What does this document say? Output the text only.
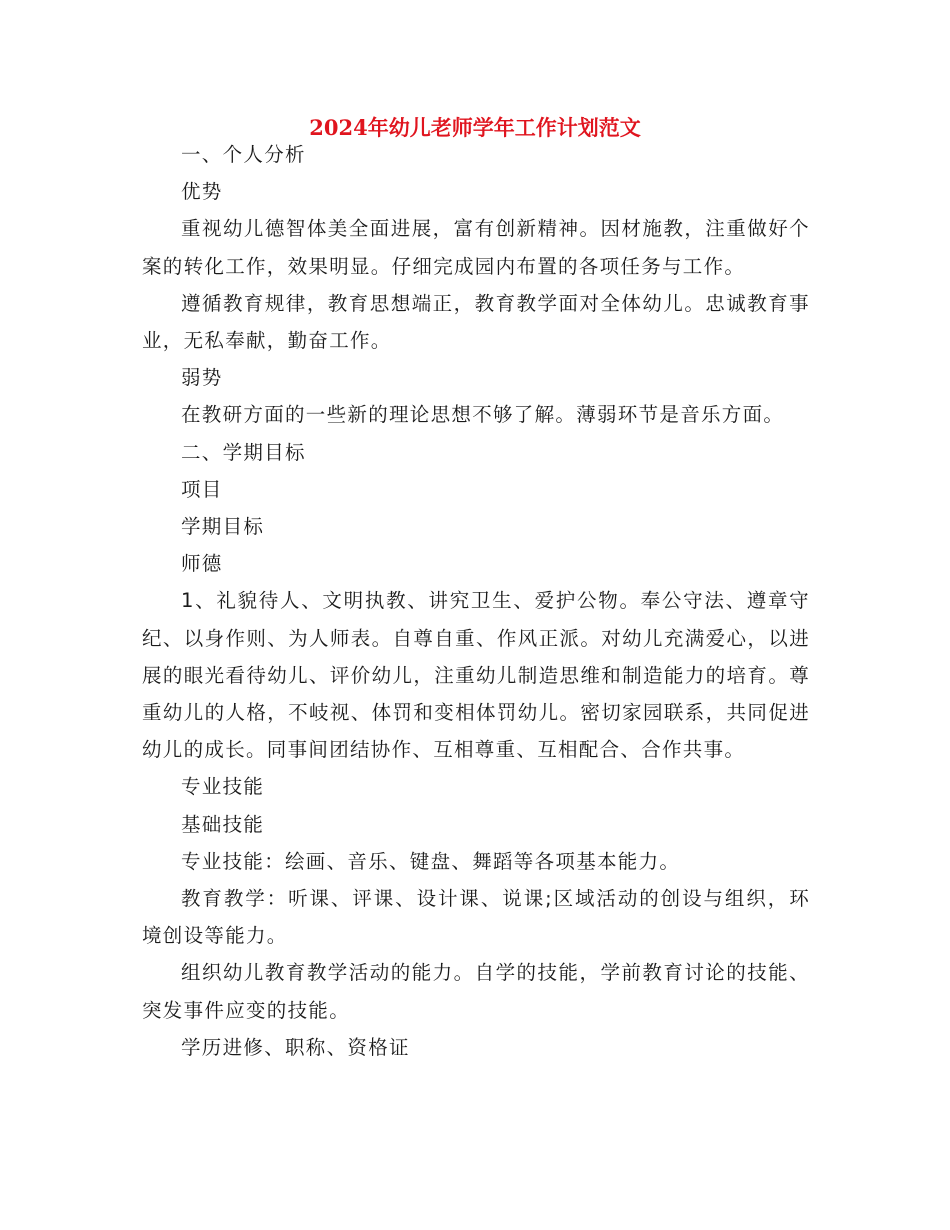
2024年幼儿老师学年工作计划范文

一、个人分析

优势

重视幼儿德智体美全面进展，富有创新精神。因材施教，注重做好个案的转化工作，效果明显。仔细完成园内布置的各项任务与工作。

遵循教育规律，教育思想端正，教育教学面对全体幼儿。忠诚教育事业，无私奉献，勤奋工作。

弱势

在教研方面的一些新的理论思想不够了解。薄弱环节是音乐方面。

二、学期目标

项目

学期目标

师德

1、礼貌待人、文明执教、讲究卫生、爱护公物。奉公守法、遵章守纪、以身作则、为人师表。自尊自重、作风正派。对幼儿充满爱心，以进展的眼光看待幼儿、评价幼儿，注重幼儿制造思维和制造能力的培育。尊重幼儿的人格，不岐视、体罚和变相体罚幼儿。密切家园联系，共同促进幼儿的成长。同事间团结协作、互相尊重、互相配合、合作共事。

专业技能

基础技能

专业技能：绘画、音乐、键盘、舞蹈等各项基本能力。

教育教学：听课、评课、设计课、说课;区域活动的创设与组织，环境创设等能力。

组织幼儿教育教学活动的能力。自学的技能，学前教育讨论的技能、突发事件应变的技能。

学历进修、职称、资格证
